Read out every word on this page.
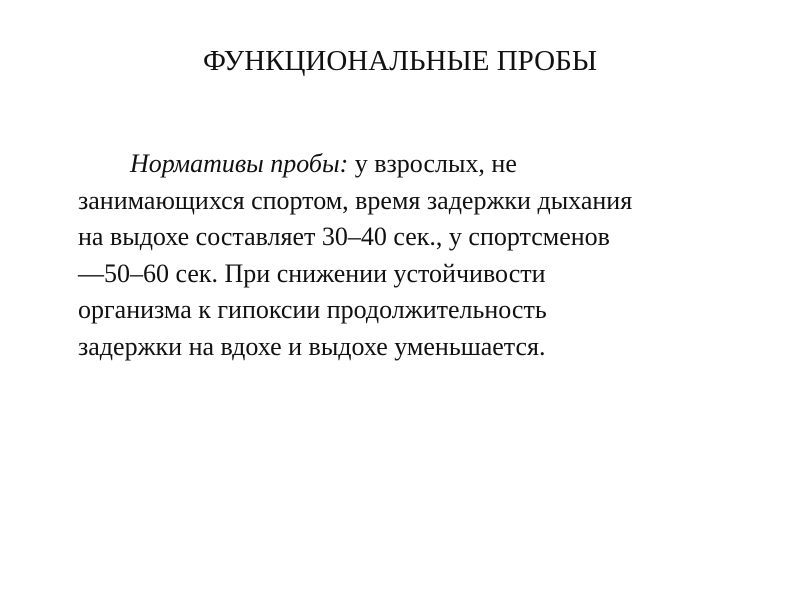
ФУНКЦИОНАЛЬНЫЕ ПРОБЫ
Нормативы пробы: у взрослых, не
занимающихся спортом, время задержки дыхания
на выдохе составляет 30–40 сек., у спортсменов
—50–60 сек. При снижении устойчивости
организма к гипоксии продолжительность
задержки на вдохе и выдохе уменьшается.
